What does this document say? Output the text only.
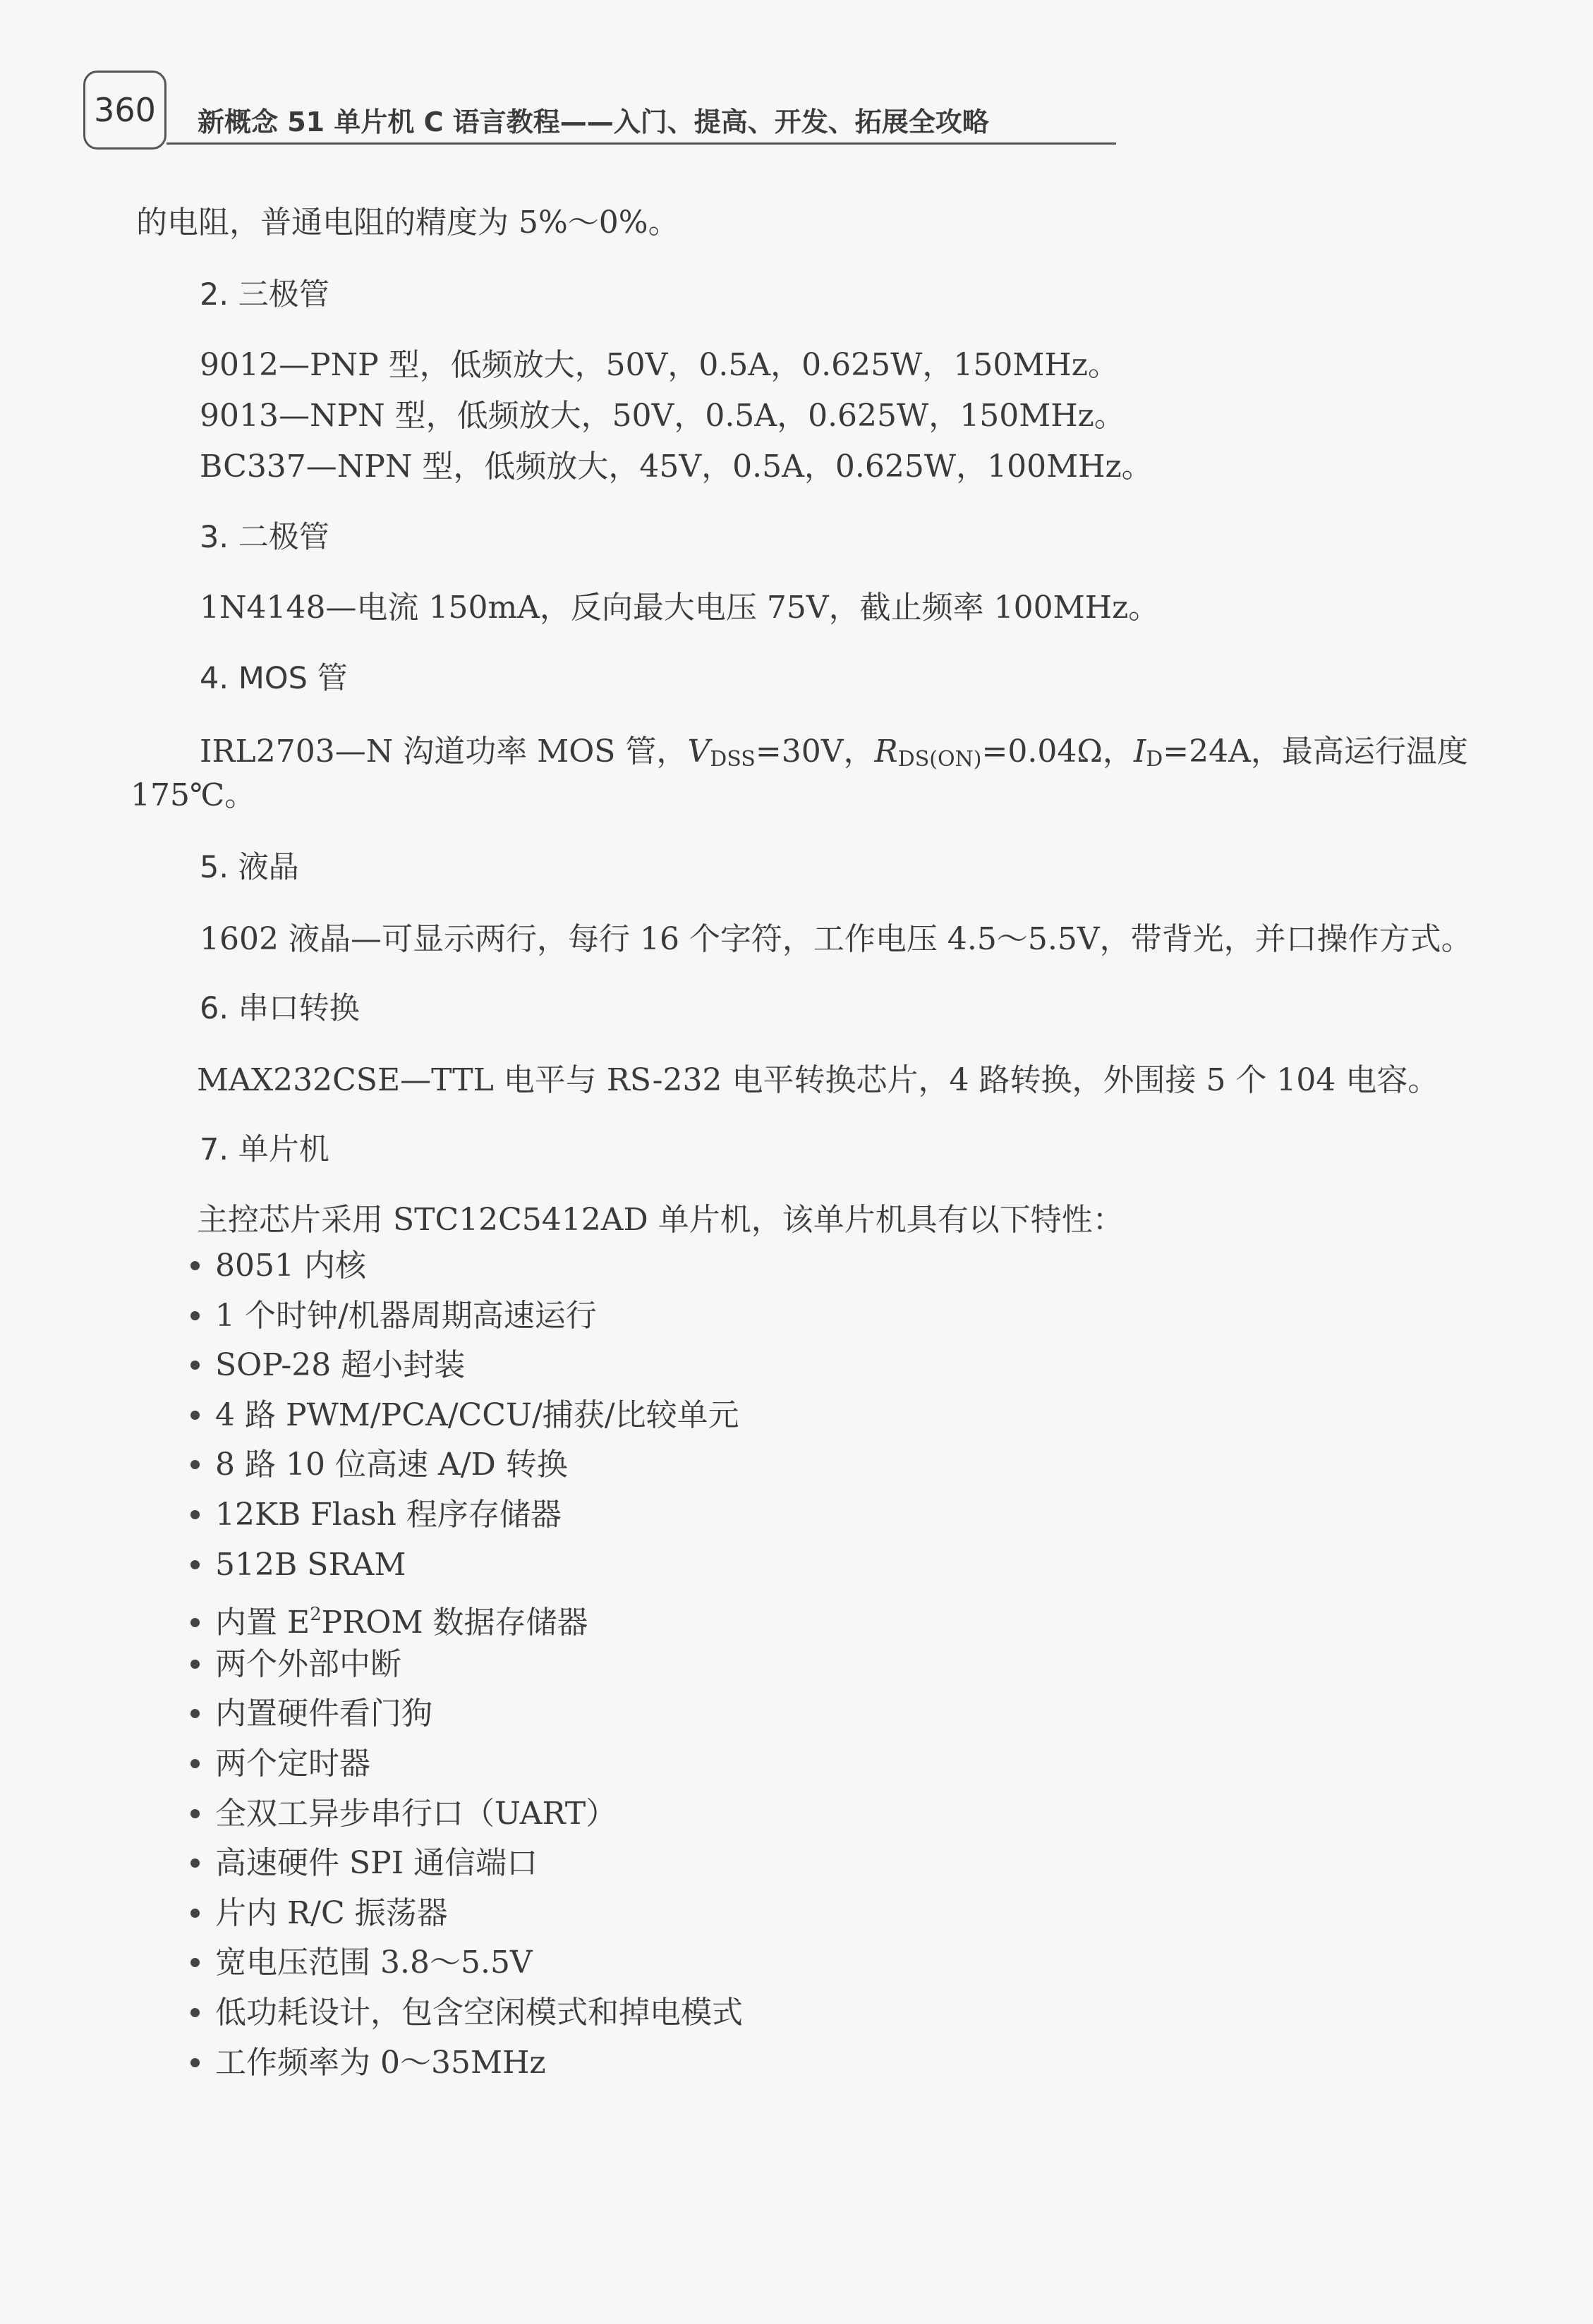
360	新概念 51 单片机 C 语言教程——入门、提高、开发、拓展全攻略
的电阻，普通电阻的精度为 5%～0%。
2. 三极管
9012—PNP 型，低频放大，50V，0.5A，0.625W，150MHz。
9013—NPN 型，低频放大，50V，0.5A，0.625W，150MHz。
BC337—NPN 型，低频放大，45V，0.5A，0.625W，100MHz。
3. 二极管
1N4148—电流 150mA，反向最大电压 75V，截止频率 100MHz。
4. MOS 管
IRL2703—N 沟道功率 MOS 管，$V_{DSS}=30V$，$R_{DS(ON)}=0.04\Omega$，$I_D=24A$，最高运行温度
175℃。
5. 液晶
1602 液晶—可显示两行，每行 16 个字符，工作电压 4.5～5.5V，带背光，并口操作方式。
6. 串口转换
MAX232CSE—TTL 电平与 RS-232 电平转换芯片，4 路转换，外围接 5 个 104 电容。
7. 单片机
主控芯片采用 STC12C5412AD 单片机，该单片机具有以下特性：
8051 内核
1 个时钟/机器周期高速运行
SOP-28 超小封装
4 路 PWM/PCA/CCU/捕获/比较单元
8 路 10 位高速 A/D 转换
12KB Flash 程序存储器
512B SRAM
内置 $E^2PROM$ 数据存储器
两个外部中断
内置硬件看门狗
两个定时器
全双工异步串行口（UART）
高速硬件 SPI 通信端口
片内 R/C 振荡器
宽电压范围 3.8～5.5V
低功耗设计，包含空闲模式和掉电模式
工作频率为 0～35MHz
